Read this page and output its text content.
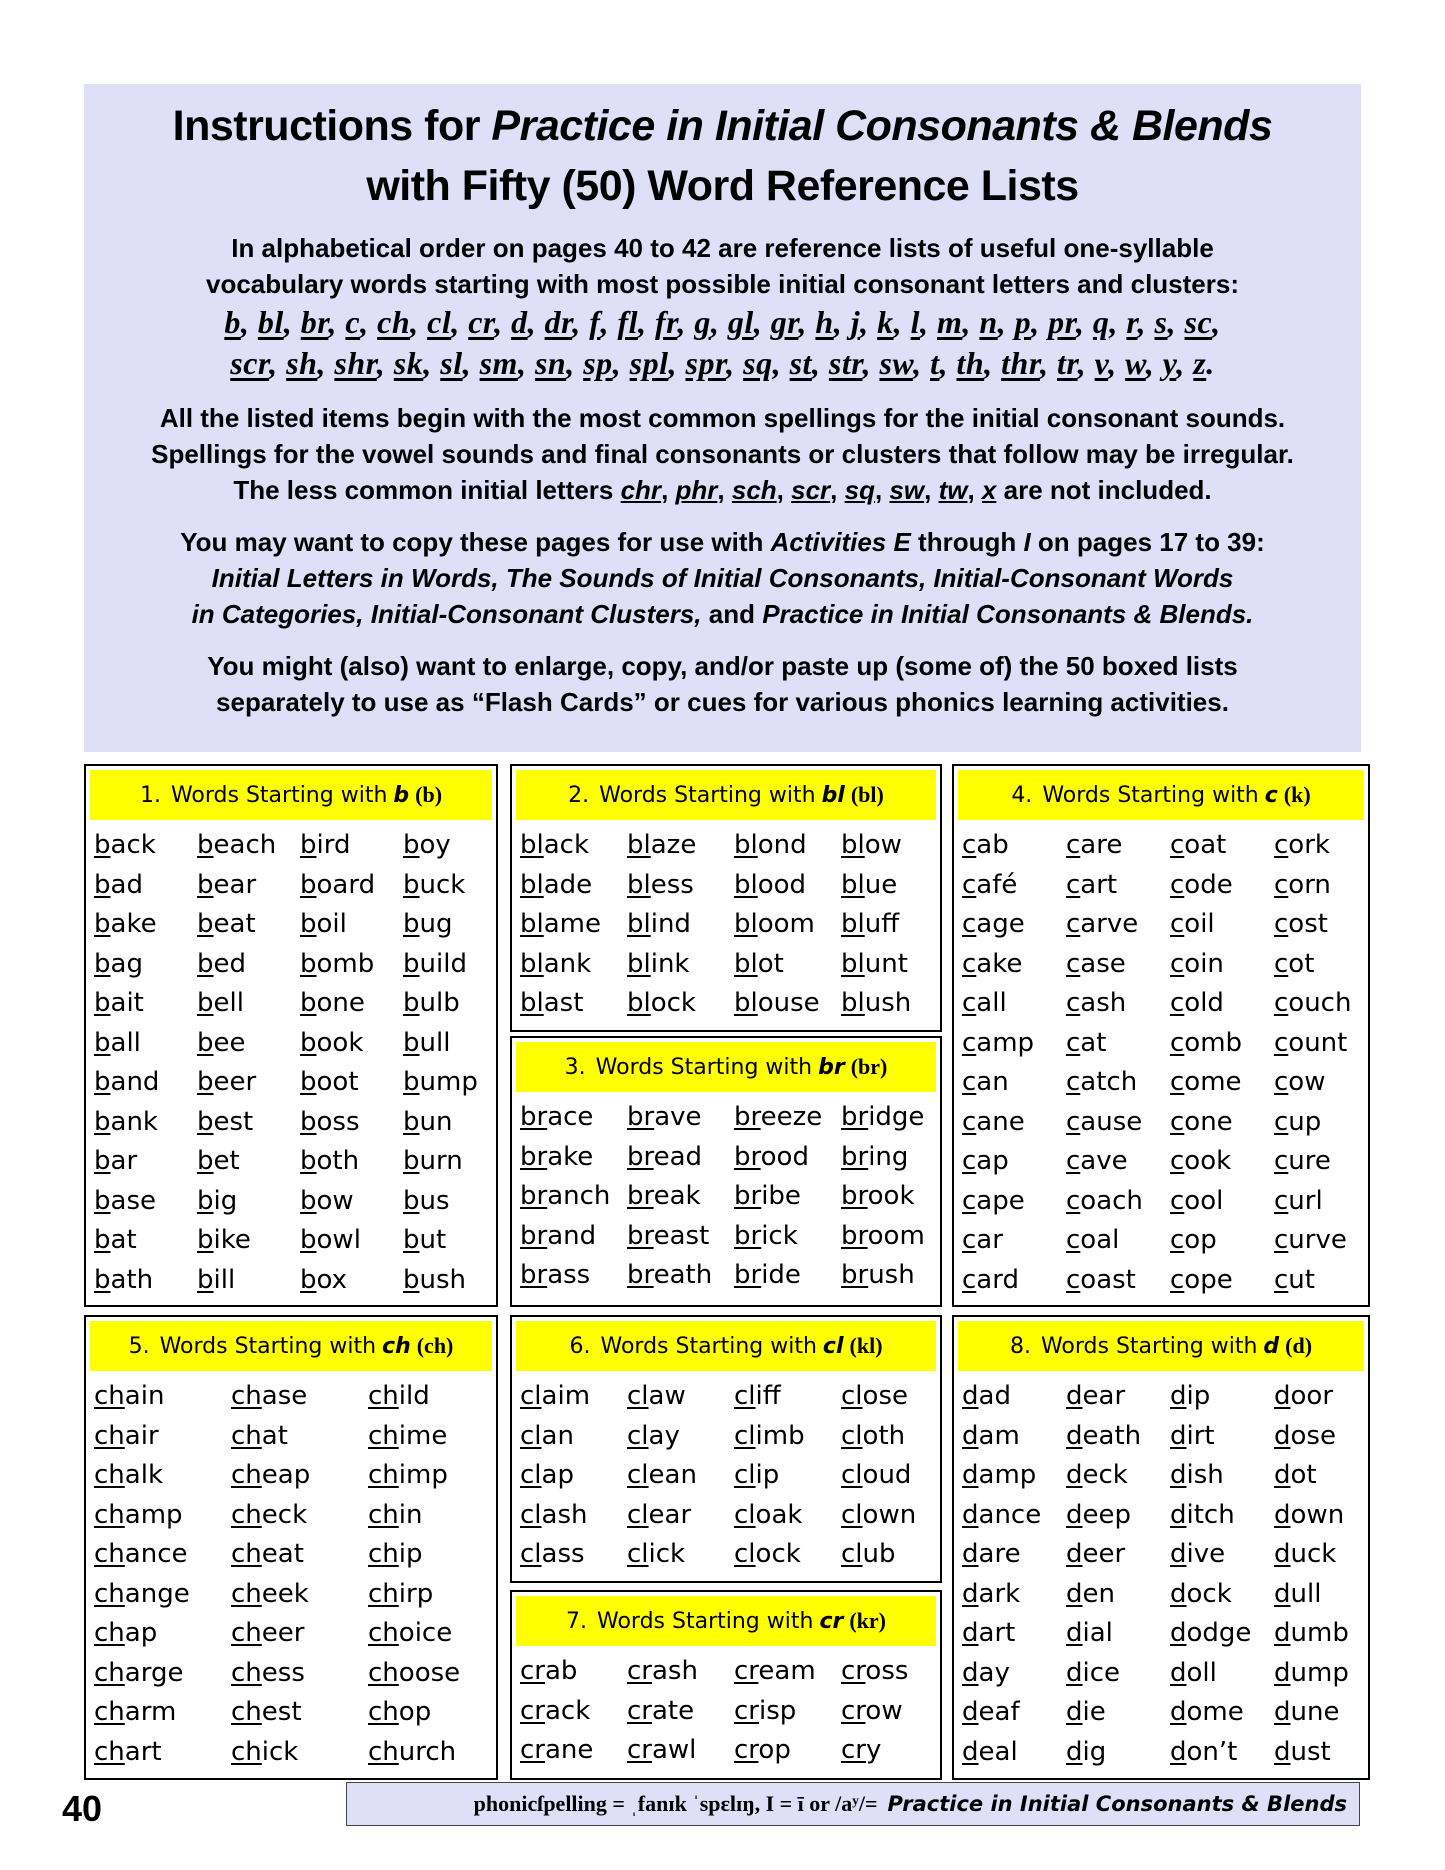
Instructions for Practice in Initial Consonants & Blends
with Fifty (50) Word Reference Lists

In alphabetical order on pages 40 to 42 are reference lists of useful one-syllable

vocabulary words starting with most possible initial consonant letters and clusters:

b, bl, br, c, ch, cl, cr, d, dr, f, fl, fr, g, gl, gr, h, j, k, l, m, n, p, pr, q, r, s, sc,
scr, sh, shr, sk, sl, sm, sn, sp, spl, spr, sq, st, str, sw, t, th, thr, tr, v, w, y, z.

All the listed items begin with the most common spellings for the initial consonant sounds.

Spellings for the vowel sounds and final consonants or clusters that follow may be irregular.

The less common initial letters chr, phr, sch, scr, sq, sw, tw, x are not included.

You may want to copy these pages for use with Activities E through I on pages 17 to 39:

Initial Letters in Words, The Sounds of Initial Consonants, Initial-Consonant Words

in Categories, Initial-Consonant Clusters, and Practice in Initial Consonants & Blends.

You might (also) want to enlarge, copy, and/or paste up (some of) the 50 boxed lists

separately to use as “Flash Cards” or cues for various phonics learning activities.

1. Words Starting with b (b)
back	beach bird	boy
bad	bear	board	buck
bake	beat	boil	bug
bag	bed	bomb	build
bait	bell	bone	bulb
ball	bee	book	bull
band	beer	boot	bump
bank	best	boss	bun
bar	bet	both	burn
base	big	bow	bus
bat	bike	bowl	but
bath	bill	box	bush
2. Words Starting with bl (bl)
black	blaze	blond	blow
blade	bless	blood	blue
blame	blind	bloom	bluff
blank	blink	blot	blunt
blast	block	blouse blush
3. Words Starting with br (br)
brace	brave	breeze bridge
brake	bread	brood	bring
branch break	bribe	brook
brand	breast brick	broom
brass	breath bride	brush
4. Words Starting with c (k)
cab	care	coat	cork
café	cart	code	corn
cage	carve	coil	cost
cake	case	coin	cot
call	cash	cold	couch
camp	cat	comb	count
can	catch	come	cow
cane	cause	cone	cup
cap	cave	cook	cure
cape	coach	cool	curl
car	coal	cop	curve
card	coast	cope	cut
5. Words Starting with ch (ch)
chain	chase	child
chair	chat	chime
chalk	cheap	chimp
champ	check	chin
chance	cheat	chip
change	cheek	chirp
chap	cheer	choice
charge	chess	choose
charm	chest	chop
chart	chick	church
6. Words Starting with cl (kl)
claim	claw	cliff	close
clan	clay	climb	cloth
clap	clean	clip	cloud
clash	clear	cloak	clown
class	click	clock	club
7. Words Starting with cr (kr)
crab	crash	cream cross
crack	crate	crisp	crow
crane	crawl	crop	cry
8. Words Starting with d (d)
dad	dear	dip	door
dam	death	dirt	dose
damp	deck	dish	dot
dance deep	ditch	down
dare	deer	dive	duck
dark	den	dock	dull
dart	dial	dodge dumb
day	dice	doll	dump
deaf	die	dome	dune
deal	dig	don’t	dust
40	phonicſpelling = ˌfanɪk ˈspɛlɪŋ, I = ī or /aʸ/= Practice in Initial Consonants & Blends
